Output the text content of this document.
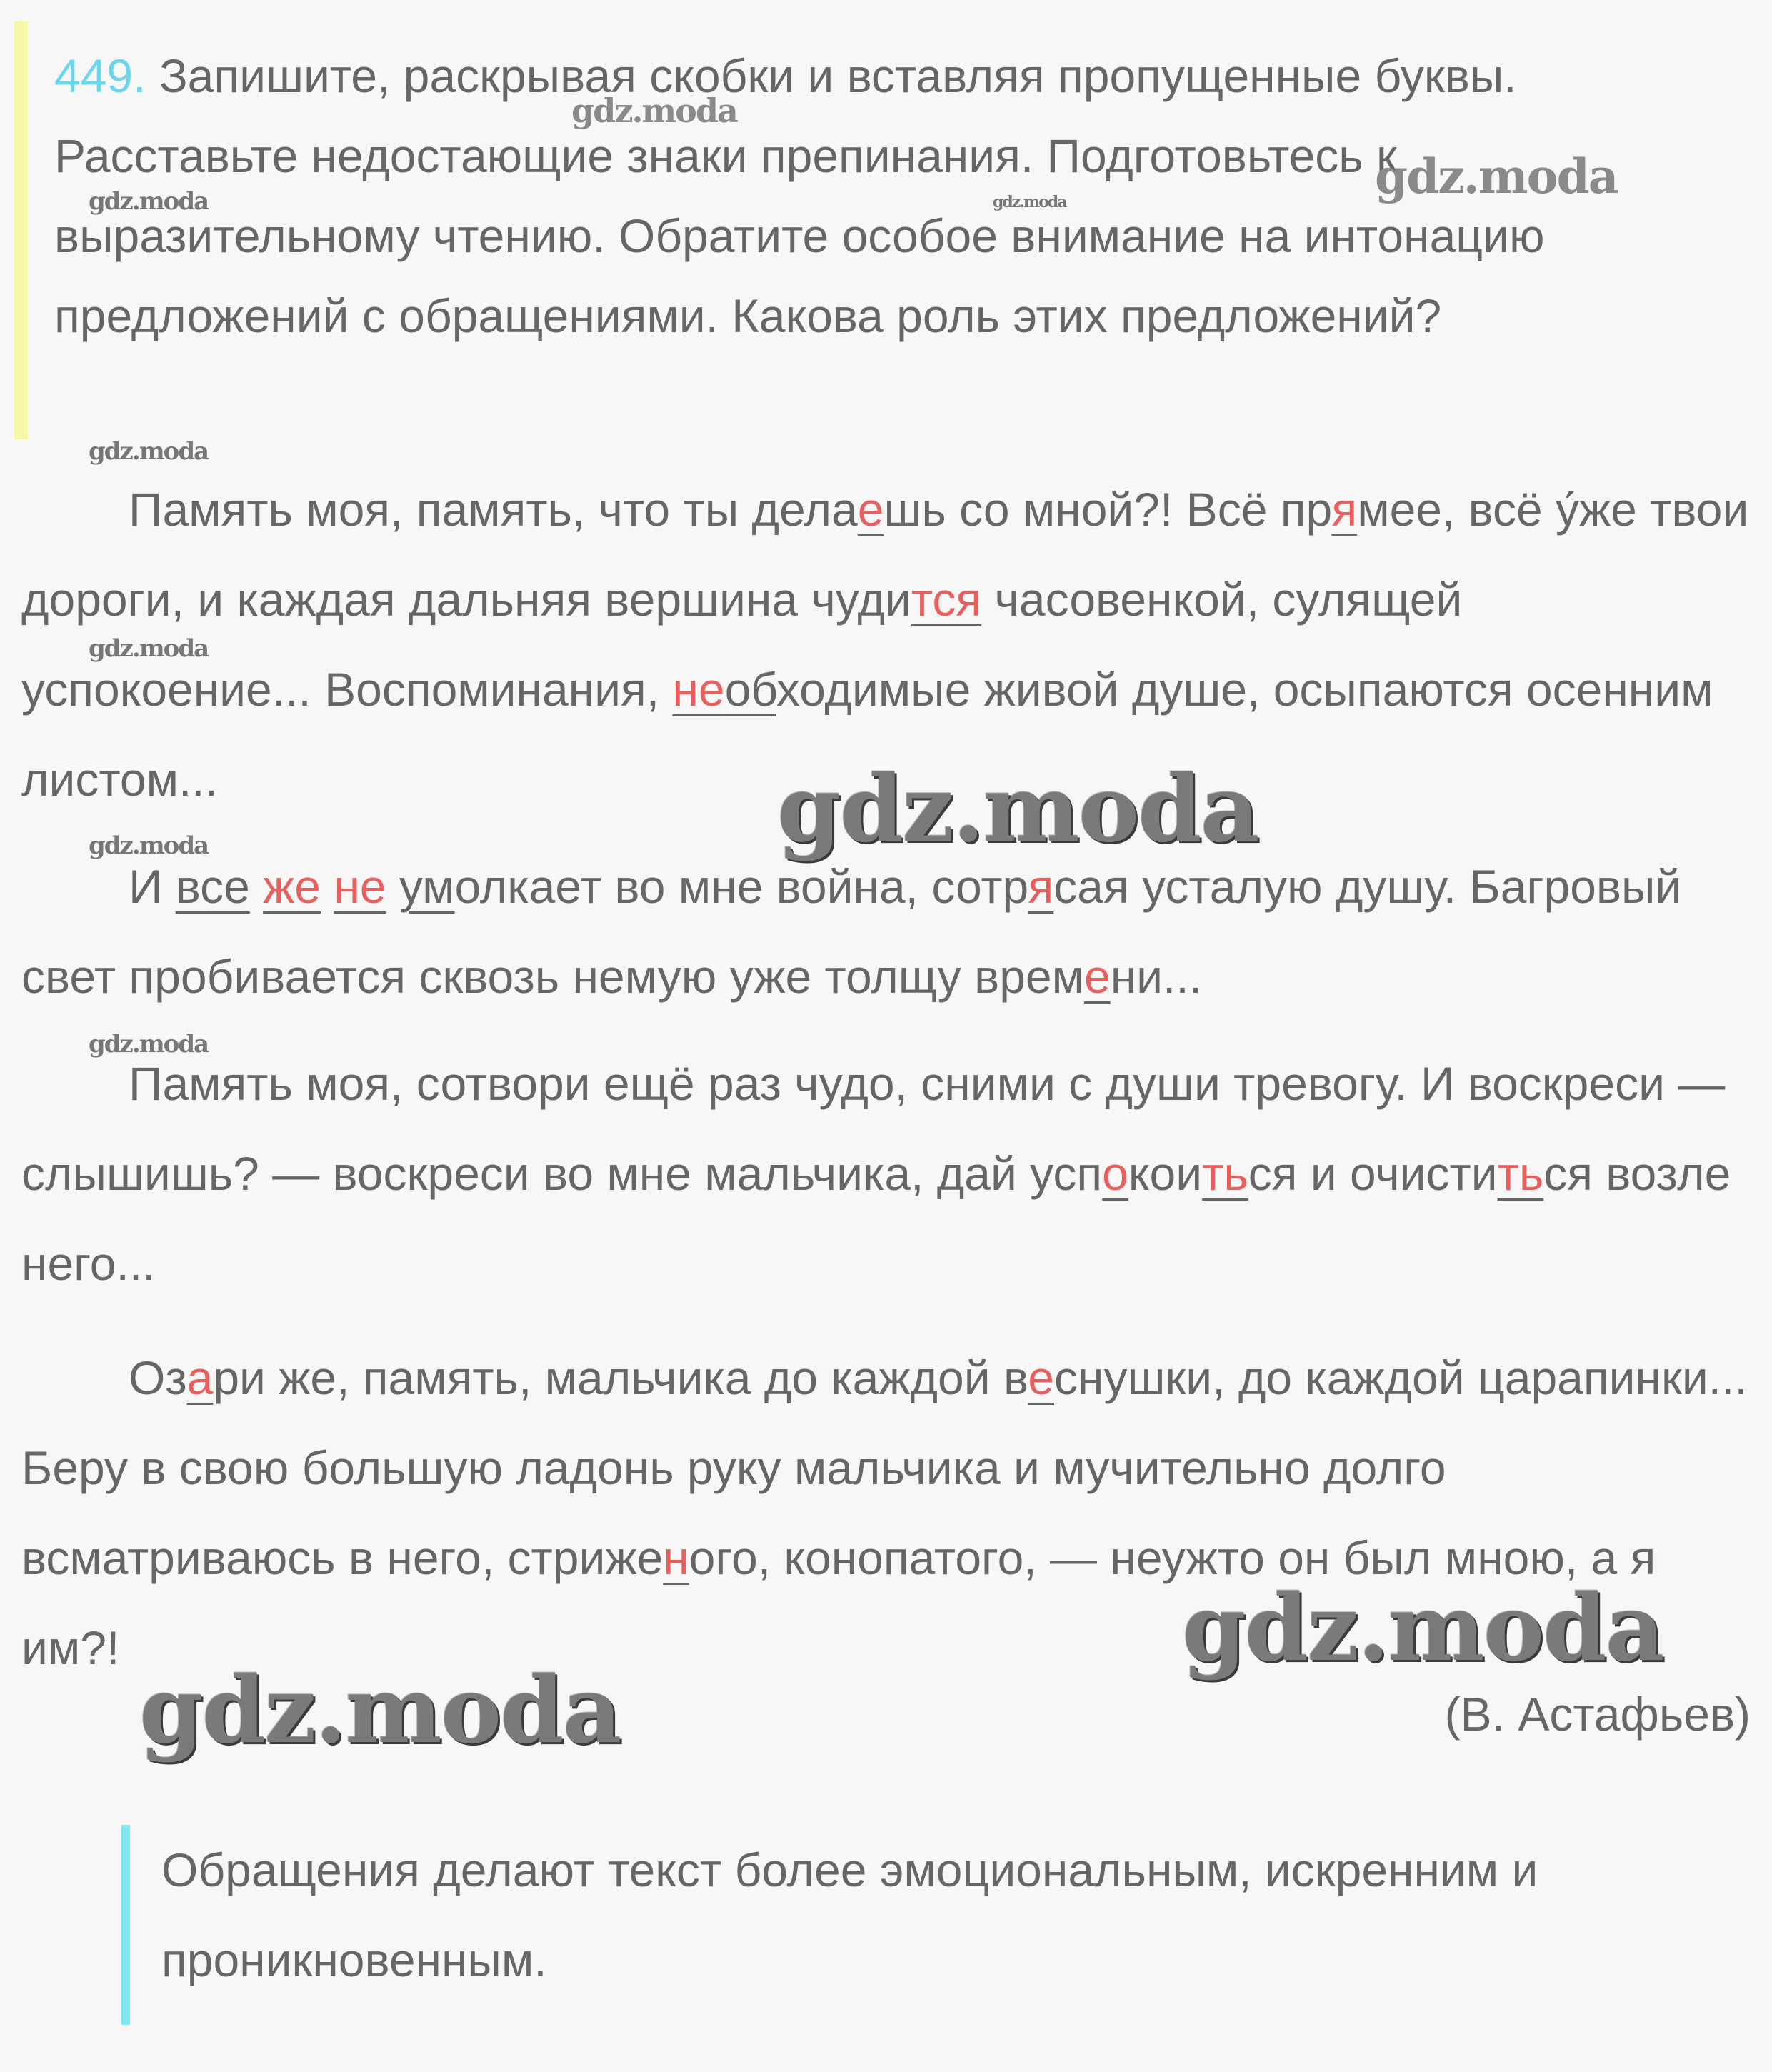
449. Запишите, раскрывая скобки и вставляя пропущенные буквы. Расставьте недостающие знаки препинания. Подготовьтесь к выразительному чтению. Обратите особое внимание на интонацию предложений с обращениями. Какова роль этих предложений?

Память моя, память, что ты делаешь со мной?! Всё прямее, всё у́же твои дороги, и каждая дальняя вершина чудится часовенкой, сулящей успокоение... Воспоминания, необходимые живой душе, осыпаются осенним листом...

И все же не умолкает во мне война, сотрясая усталую душу. Багровый свет пробивается сквозь немую уже толщу времени...

Память моя, сотвори ещё раз чудо, сними с души тревогу. И воскреси — слышишь? — воскреси во мне мальчика, дай успокоиться и очиститься возле него...

Озари же, память, мальчика до каждой веснушки, до каждой царапинки... Беру в свою большую ладонь руку мальчика и мучительно долго всматриваюсь в него, стриженого, конопатого, — неужто он был мною, а я им?!

(В. Астафьев)
Обращения делают текст более эмоциональным, искренним и проникновенным.
gdz.moda
gdz.moda
gdz.moda	gdz.moda
gdz.moda
gdz.moda
gdz.moda
gdz.moda
gdz.moda
gdz.moda
gdz.moda
